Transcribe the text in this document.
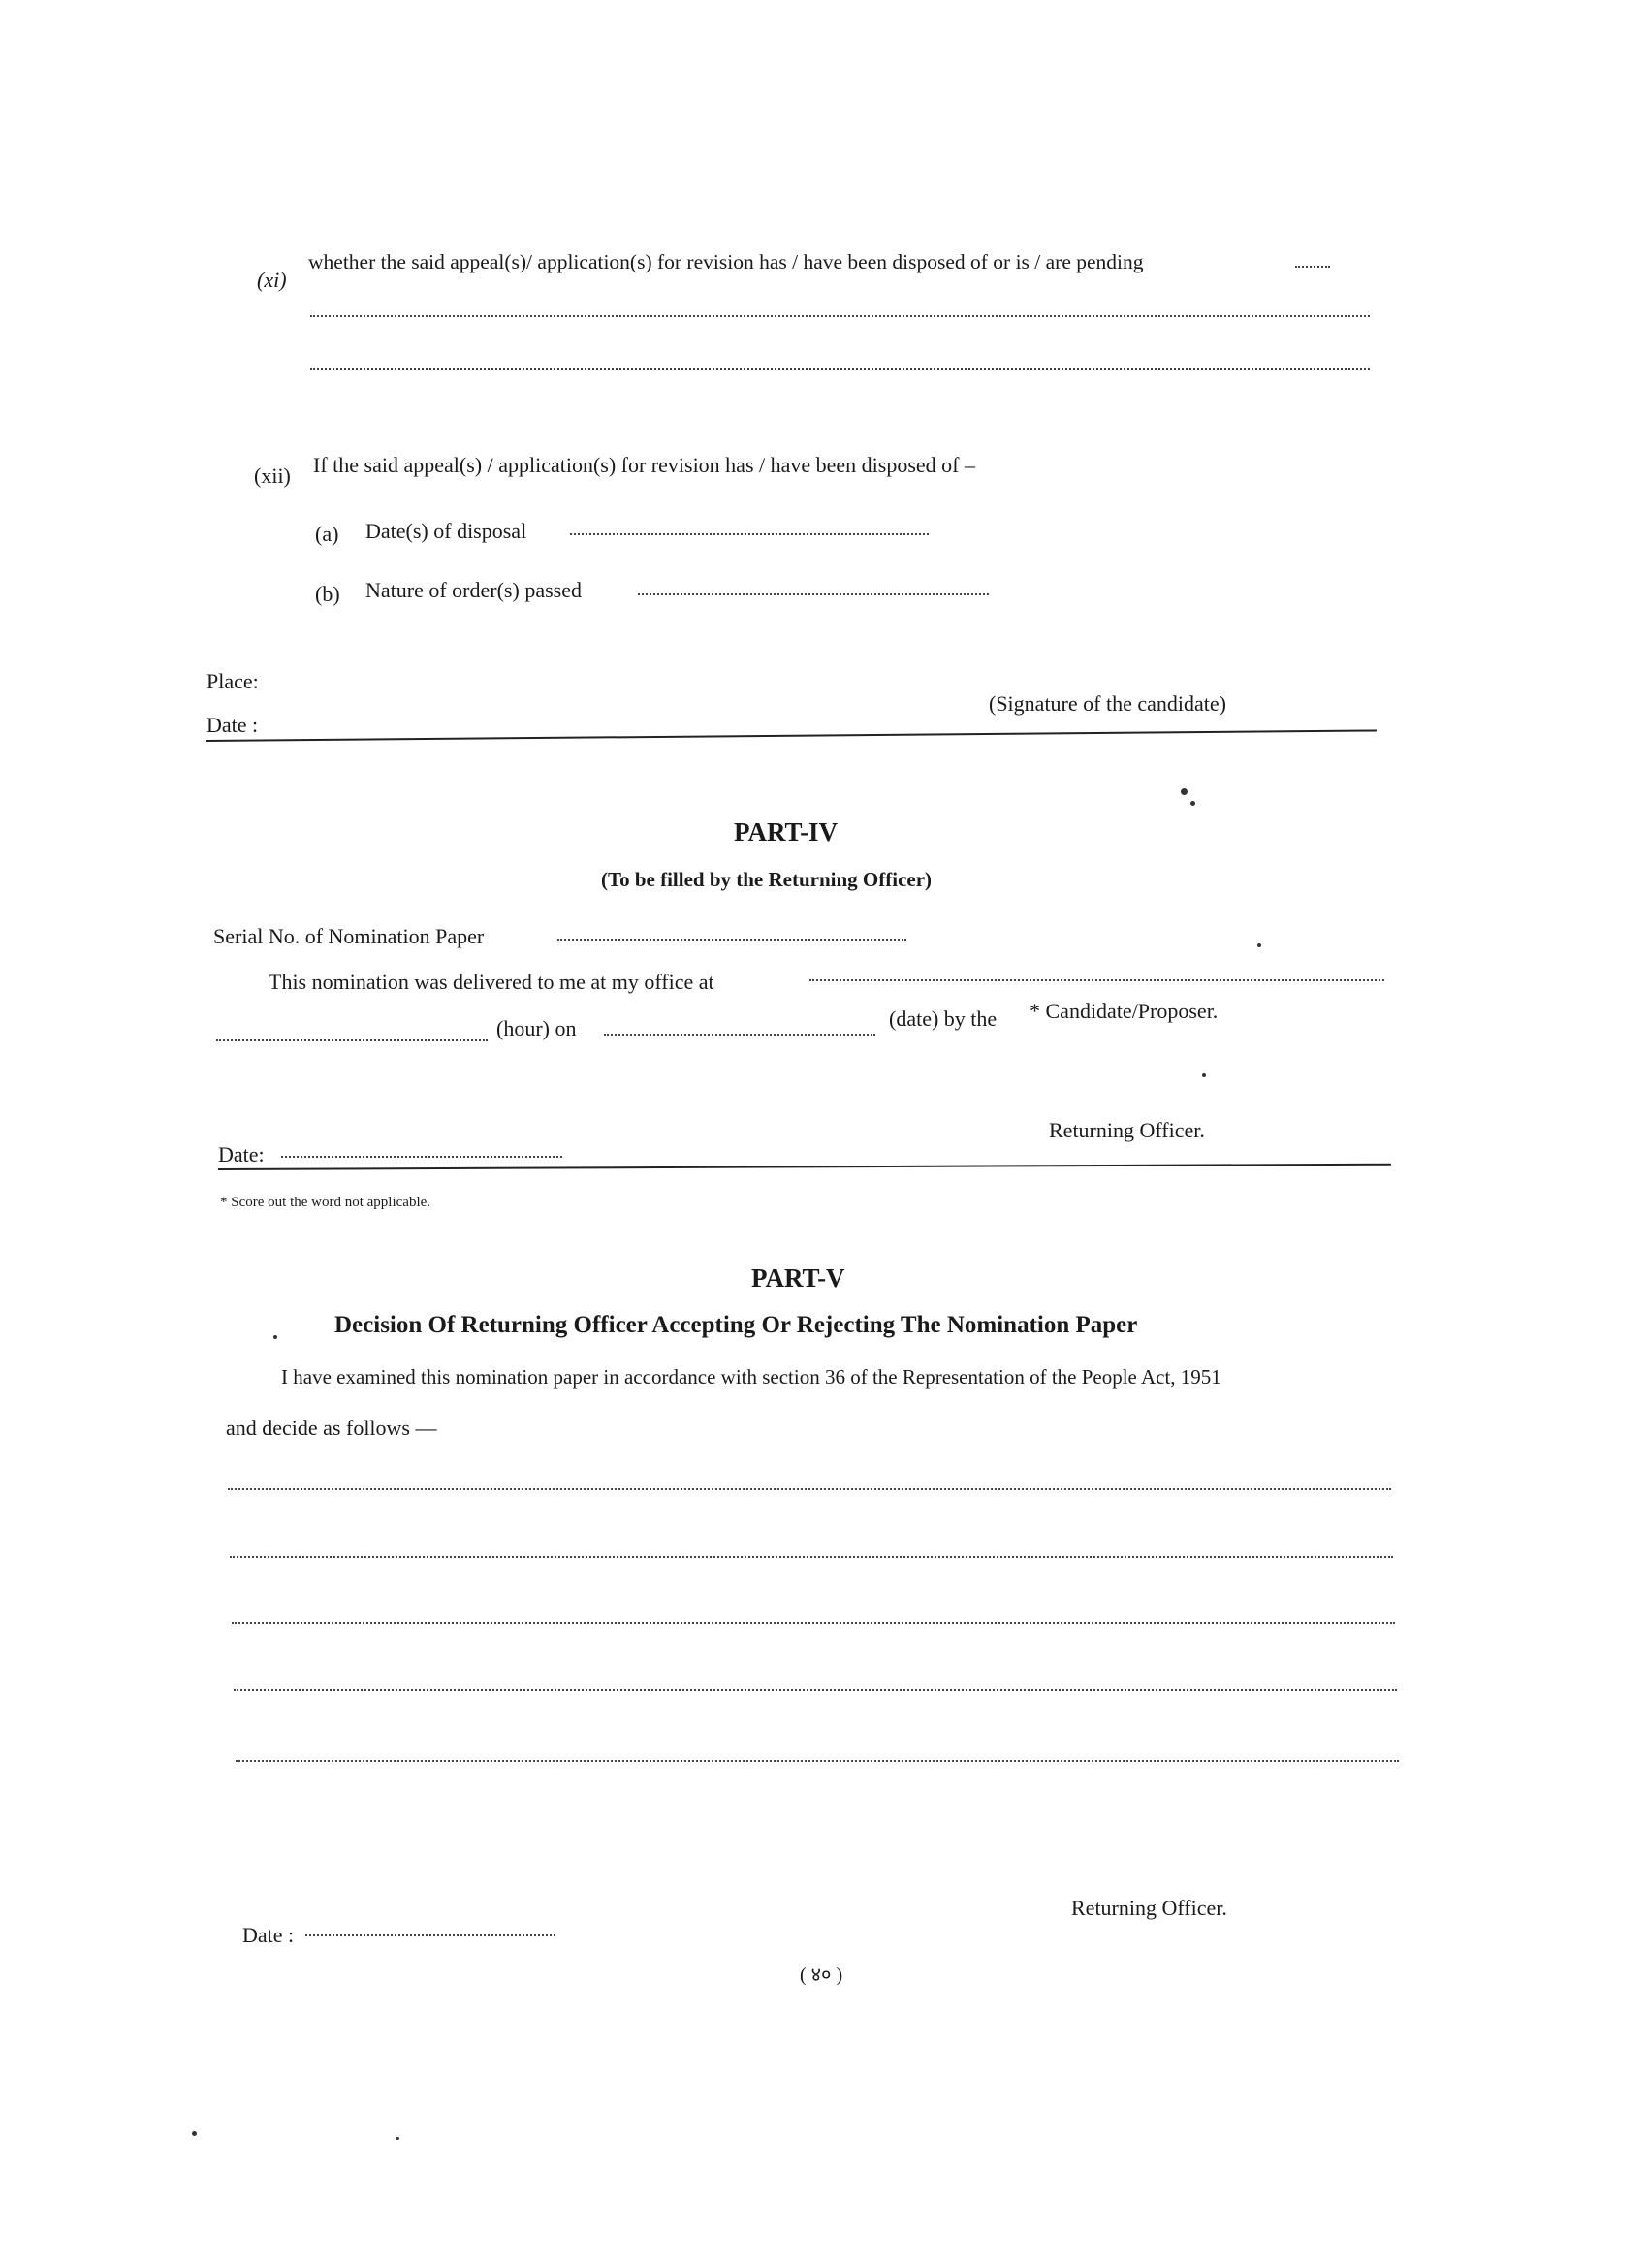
(xi)
whether the said appeal(s)/ application(s) for revision has / have been disposed of or is / are pending
(xii) If the said appeal(s) / application(s) for revision has / have been disposed of –
(a) Date(s) of disposal
(b) Nature of order(s) passed
Place:
Date :
(Signature of the candidate)
PART-IV
(To be filled by the Returning Officer)
Serial No. of Nomination Paper
This nomination was delivered to me at my office at
(hour) on	(date) by the * Candidate/Proposer.
Returning Officer.
Date:
* Score out the word not applicable.
PART-V
Decision Of Returning Officer Accepting Or Rejecting The Nomination Paper
I have examined this nomination paper in accordance with section 36 of the Representation of the People Act, 1951
and decide as follows —
Returning Officer.
Date :
( ४० )
